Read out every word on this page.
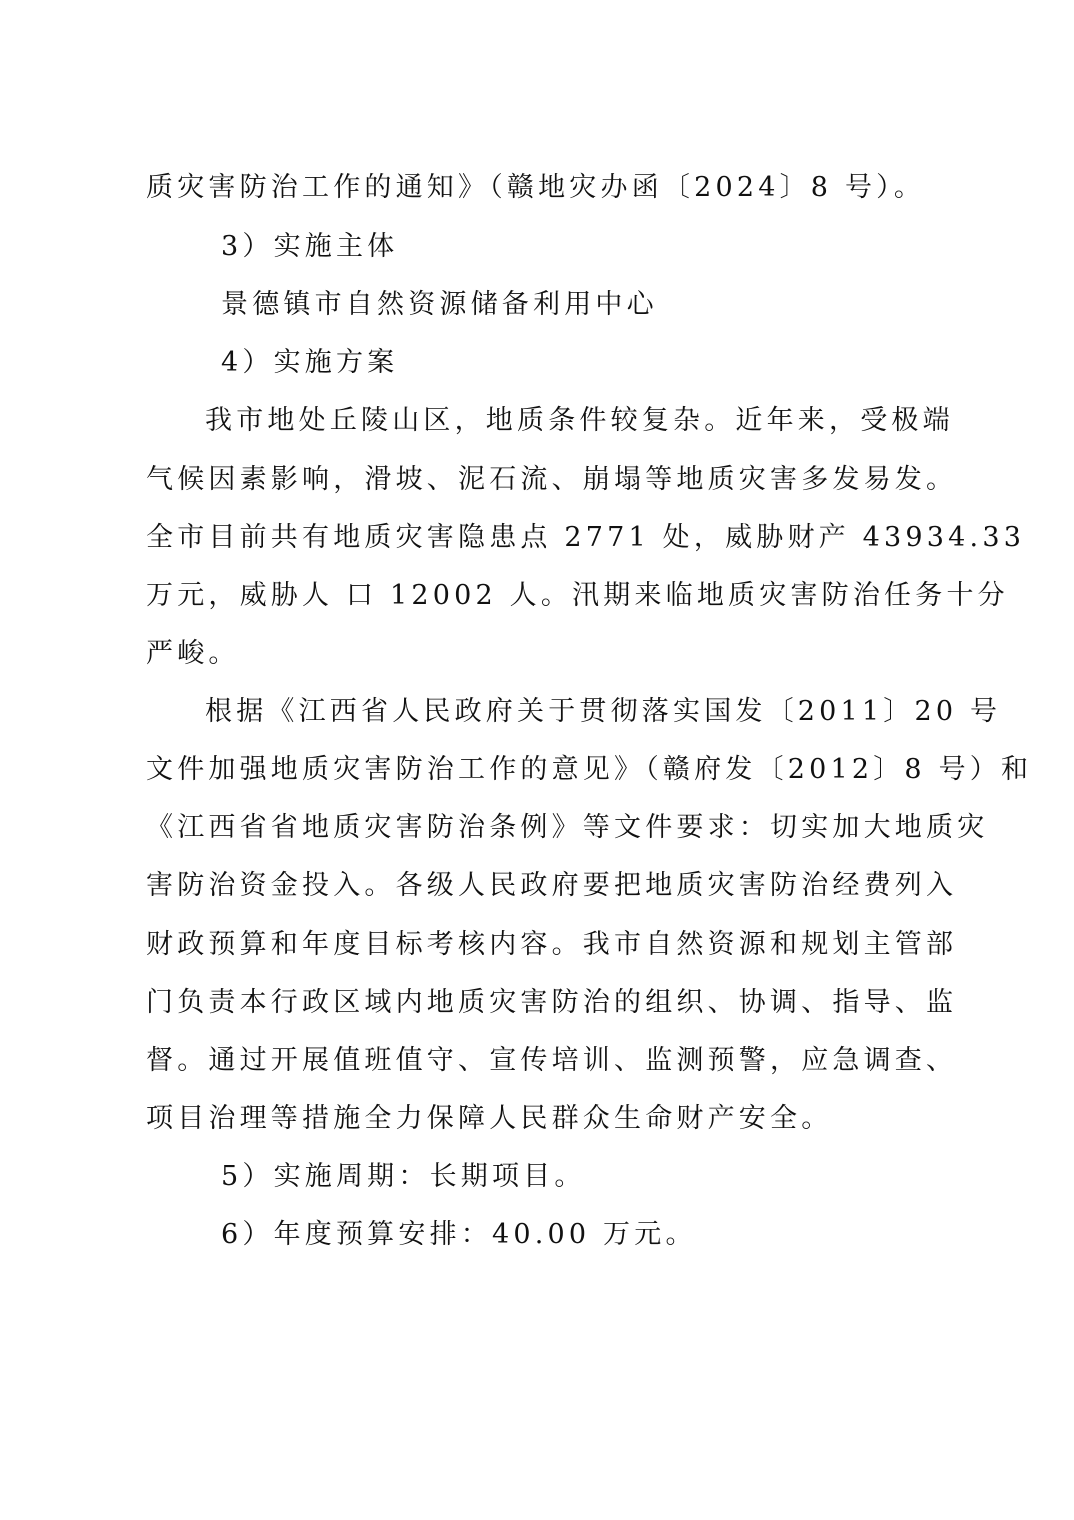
质灾害防治工作的通知》（赣地灾办函〔2024〕8 号）。
3）实施主体
景德镇市自然资源储备利用中心
4）实施方案
我市地处丘陵山区，地质条件较复杂。近年来，受极端
气候因素影响，滑坡、泥石流、崩塌等地质灾害多发易发。
全市目前共有地质灾害隐患点 2771 处，威胁财产 43934.33
万元，威胁人 口 12002 人。汛期来临地质灾害防治任务十分
严峻。
根据《江西省人民政府关于贯彻落实国发〔2011〕20 号
文件加强地质灾害防治工作的意见》（赣府发〔2012〕8 号）和
《江西省省地质灾害防治条例》等文件要求：切实加大地质灾
害防治资金投入。各级人民政府要把地质灾害防治经费列入
财政预算和年度目标考核内容。我市自然资源和规划主管部
门负责本行政区域内地质灾害防治的组织、协调、指导、监
督。通过开展值班值守、宣传培训、监测预警，应急调查、
项目治理等措施全力保障人民群众生命财产安全。
5）实施周期：长期项目。
6）年度预算安排：40.00 万元。
